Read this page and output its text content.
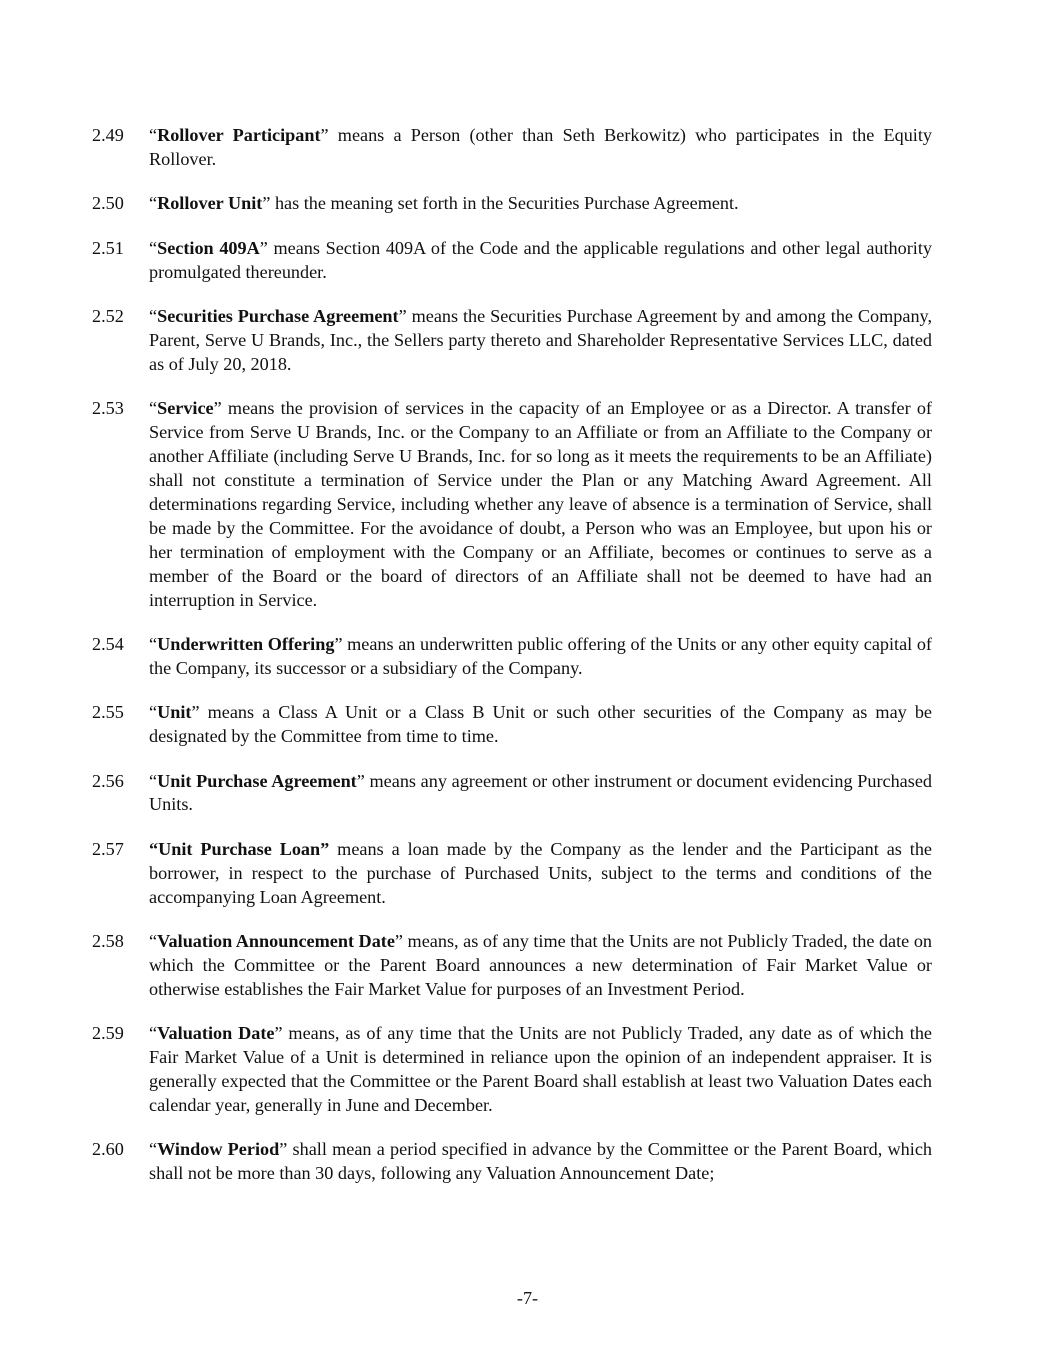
2.49	“Rollover Participant” means a Person (other than Seth Berkowitz) who participates in the Equity Rollover.
2.50	“Rollover Unit” has the meaning set forth in the Securities Purchase Agreement.
2.51	“Section 409A” means Section 409A of the Code and the applicable regulations and other legal authority promulgated thereunder.
2.52	“Securities Purchase Agreement” means the Securities Purchase Agreement by and among the Company, Parent, Serve U Brands, Inc., the Sellers party thereto and Shareholder Representative Services LLC, dated as of July 20, 2018.
2.53	“Service” means the provision of services in the capacity of an Employee or as a Director. A transfer of Service from Serve U Brands, Inc. or the Company to an Affiliate or from an Affiliate to the Company or another Affiliate (including Serve U Brands, Inc. for so long as it meets the requirements to be an Affiliate) shall not constitute a termination of Service under the Plan or any Matching Award Agreement. All determinations regarding Service, including whether any leave of absence is a termination of Service, shall be made by the Committee. For the avoidance of doubt, a Person who was an Employee, but upon his or her termination of employment with the Company or an Affiliate, becomes or continues to serve as a member of the Board or the board of directors of an Affiliate shall not be deemed to have had an interruption in Service.
2.54	“Underwritten Offering” means an underwritten public offering of the Units or any other equity capital of the Company, its successor or a subsidiary of the Company.
2.55	“Unit” means a Class A Unit or a Class B Unit or such other securities of the Company as may be designated by the Committee from time to time.
2.56	“Unit Purchase Agreement” means any agreement or other instrument or document evidencing Purchased Units.
2.57	“Unit Purchase Loan” means a loan made by the Company as the lender and the Participant as the borrower, in respect to the purchase of Purchased Units, subject to the terms and conditions of the accompanying Loan Agreement.
2.58	“Valuation Announcement Date” means, as of any time that the Units are not Publicly Traded, the date on which the Committee or the Parent Board announces a new determination of Fair Market Value or otherwise establishes the Fair Market Value for purposes of an Investment Period.
2.59	“Valuation Date” means, as of any time that the Units are not Publicly Traded, any date as of which the Fair Market Value of a Unit is determined in reliance upon the opinion of an independent appraiser. It is generally expected that the Committee or the Parent Board shall establish at least two Valuation Dates each calendar year, generally in June and December.
2.60	“Window Period” shall mean a period specified in advance by the Committee or the Parent Board, which shall not be more than 30 days, following any Valuation Announcement Date;
-7-
